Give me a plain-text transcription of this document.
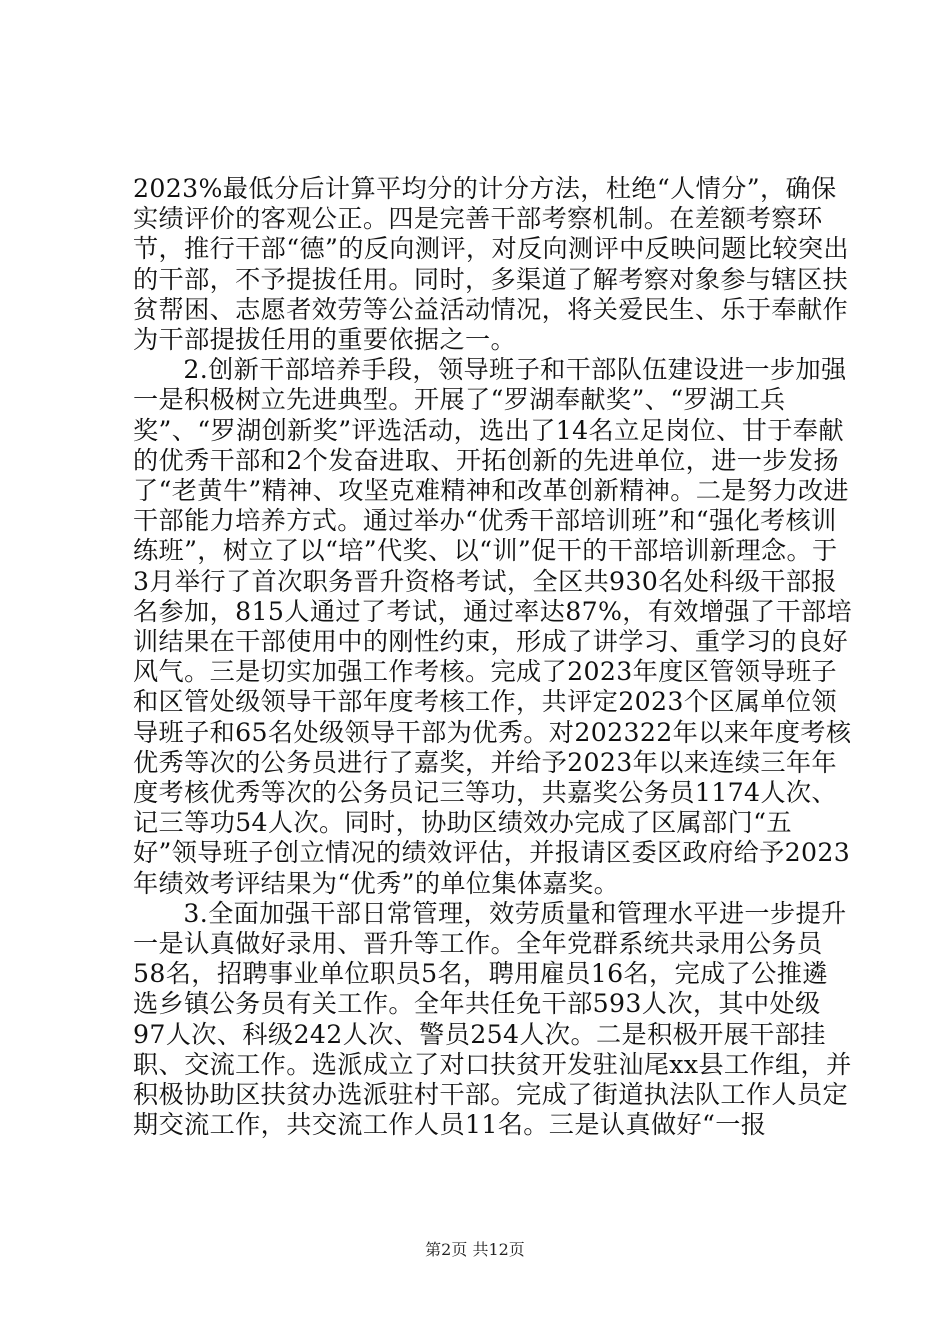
2023%最低分后计算平均分的计分方法，杜绝“人情分”，确保实绩评价的客观公正。四是完善干部考察机制。在差额考察环节，推行干部“德”的反向测评，对反向测评中反映问题比较突出的干部，不予提拔任用。同时，多渠道了解考察对象参与辖区扶贫帮困、志愿者效劳等公益活动情况，将关爱民生、乐于奉献作为干部提拔任用的重要依据之一。

2.创新干部培养手段，领导班子和干部队伍建设进一步加强一是积极树立先进典型。开展了“罗湖奉献奖”、“罗湖工兵奖”、“罗湖创新奖”评选活动，选出了14名立足岗位、甘于奉献的优秀干部和2个发奋进取、开拓创新的先进单位，进一步发扬了“老黄牛”精神、攻坚克难精神和改革创新精神。二是努力改进干部能力培养方式。通过举办“优秀干部培训班”和“强化考核训练班”，树立了以“培”代奖、以“训”促干的干部培训新理念。于3月举行了首次职务晋升资格考试，全区共930名处科级干部报名参加，815人通过了考试，通过率达87%，有效增强了干部培训结果在干部使用中的刚性约束，形成了讲学习、重学习的良好风气。三是切实加强工作考核。完成了2023年度区管领导班子和区管处级领导干部年度考核工作，共评定2023个区属单位领导班子和65名处级领导干部为优秀。对202322年以来年度考核优秀等次的公务员进行了嘉奖，并给予2023年以来连续三年年度考核优秀等次的公务员记三等功，共嘉奖公务员1174人次、记三等功54人次。同时，协助区绩效办完成了区属部门“五好”领导班子创立情况的绩效评估，并报请区委区政府给予2023年绩效考评结果为“优秀”的单位集体嘉奖。

3.全面加强干部日常管理，效劳质量和管理水平进一步提升一是认真做好录用、晋升等工作。全年党群系统共录用公务员58名，招聘事业单位职员5名，聘用雇员16名，完成了公推遴选乡镇公务员有关工作。全年共任免干部593人次，其中处级97人次、科级242人次、警员254人次。二是积极开展干部挂职、交流工作。选派成立了对口扶贫开发驻汕尾xx县工作组，并积极协助区扶贫办选派驻村干部。完成了街道执法队工作人员定期交流工作，共交流工作人员11名。三是认真做好“一报

第2页 共12页
